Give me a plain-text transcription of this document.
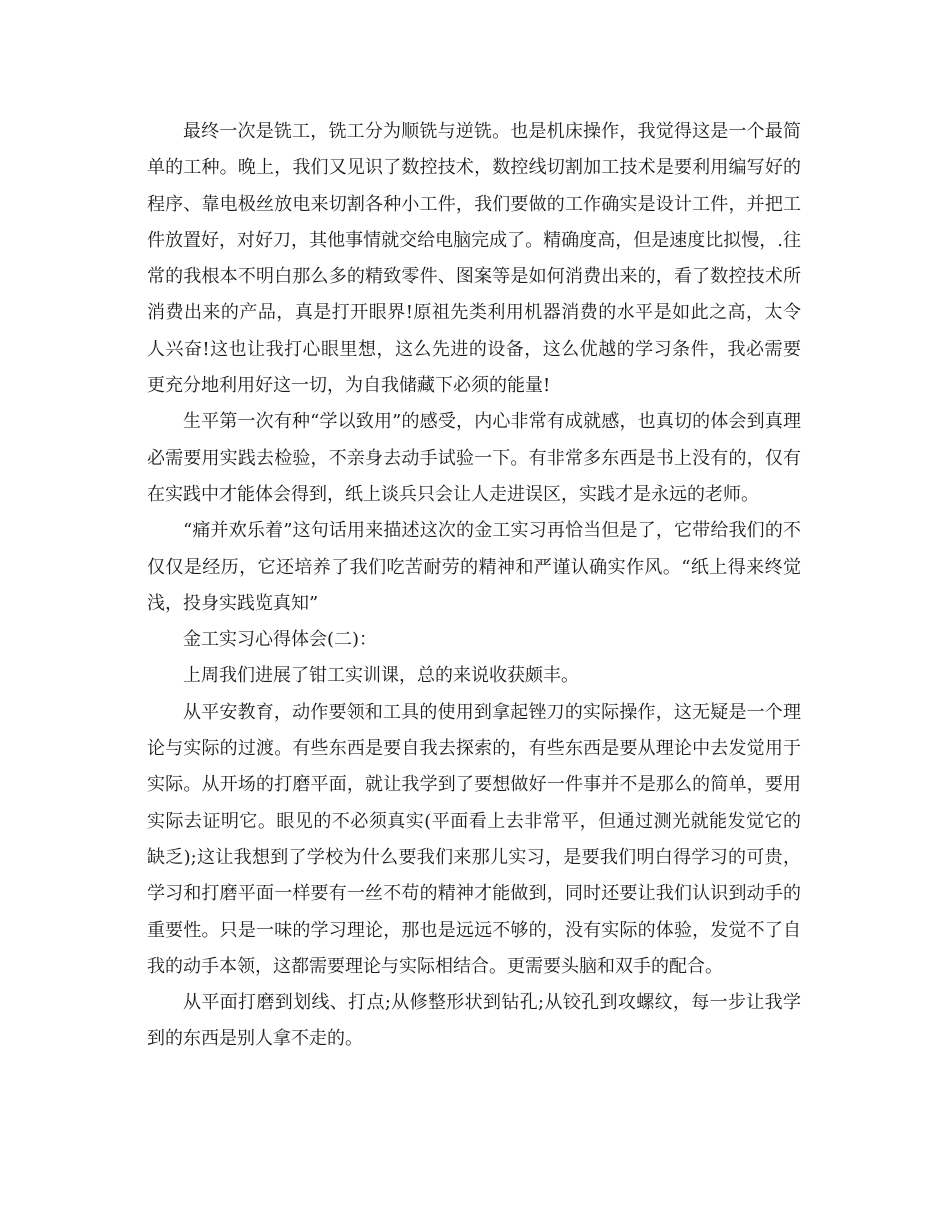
最终一次是铣工，铣工分为顺铣与逆铣。也是机床操作，我觉得这是一个最简单的工种。晚上，我们又见识了数控技术，数控线切割加工技术是要利用编写好的程序、靠电极丝放电来切割各种小工件，我们要做的工作确实是设计工件，并把工件放置好，对好刀，其他事情就交给电脑完成了。精确度高，但是速度比拟慢，.往常的我根本不明白那么多的精致零件、图案等是如何消费出来的，看了数控技术所消费出来的产品，真是打开眼界!原祖先类利用机器消费的水平是如此之高，太令人兴奋!这也让我打心眼里想，这么先进的设备，这么优越的学习条件，我必需要更充分地利用好这一切，为自我储藏下必须的能量!

生平第一次有种“学以致用”的感受，内心非常有成就感，也真切的体会到真理必需要用实践去检验，不亲身去动手试验一下。有非常多东西是书上没有的，仅有在实践中才能体会得到，纸上谈兵只会让人走进误区，实践才是永远的老师。

“痛并欢乐着”这句话用来描述这次的金工实习再恰当但是了，它带给我们的不仅仅是经历，它还培养了我们吃苦耐劳的精神和严谨认确实作风。“纸上得来终觉浅，投身实践览真知”

金工实习心得体会(二)：

上周我们进展了钳工实训课，总的来说收获颇丰。

从平安教育，动作要领和工具的使用到拿起锉刀的实际操作，这无疑是一个理论与实际的过渡。有些东西是要自我去探索的，有些东西是要从理论中去发觉用于实际。从开场的打磨平面，就让我学到了要想做好一件事并不是那么的简单，要用实际去证明它。眼见的不必须真实(平面看上去非常平，但通过测光就能发觉它的缺乏);这让我想到了学校为什么要我们来那儿实习，是要我们明白得学习的可贵，学习和打磨平面一样要有一丝不苟的精神才能做到，同时还要让我们认识到动手的重要性。只是一味的学习理论，那也是远远不够的，没有实际的体验，发觉不了自我的动手本领，这都需要理论与实际相结合。更需要头脑和双手的配合。

从平面打磨到划线、打点;从修整形状到钻孔;从铰孔到攻螺纹，每一步让我学到的东西是别人拿不走的。
